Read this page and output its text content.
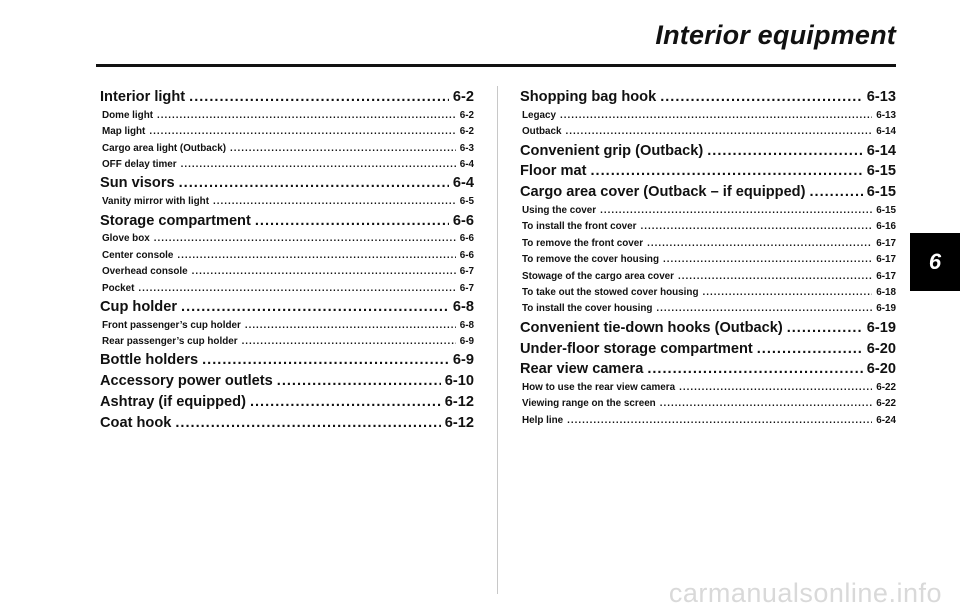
Interior equipment
Interior light .....	6-2
Dome light .....	6-2
Map light .....	6-2
Cargo area light (Outback) .....	6-3
OFF delay timer .....	6-4
Sun visors .....	6-4
Vanity mirror with light .....	6-5
Storage compartment .....	6-6
Glove box .....	6-6
Center console .....	6-6
Overhead console .....	6-7
Pocket .....	6-7
Cup holder .....	6-8
Front passenger’s cup holder .....	6-8
Rear passenger’s cup holder .....	6-9
Bottle holders .....	6-9
Accessory power outlets .....	6-10
Ashtray (if equipped) .....	6-12
Coat hook .....	6-12
Shopping bag hook .....	6-13
Legacy .....	6-13
Outback .....	6-14
Convenient grip (Outback) .....	6-14
Floor mat .....	6-15
Cargo area cover (Outback – if equipped) .....	6-15
Using the cover .....	6-15
To install the front cover .....	6-16
To remove the front cover .....	6-17
To remove the cover housing .....	6-17
Stowage of the cargo area cover .....	6-17
To take out the stowed cover housing .....	6-18
To install the cover housing .....	6-19
Convenient tie-down hooks (Outback) .....	6-19
Under-floor storage compartment .....	6-20
Rear view camera .....	6-20
How to use the rear view camera .....	6-22
Viewing range on the screen .....	6-22
Help line .....	6-24
6
carmanualsonline.info
